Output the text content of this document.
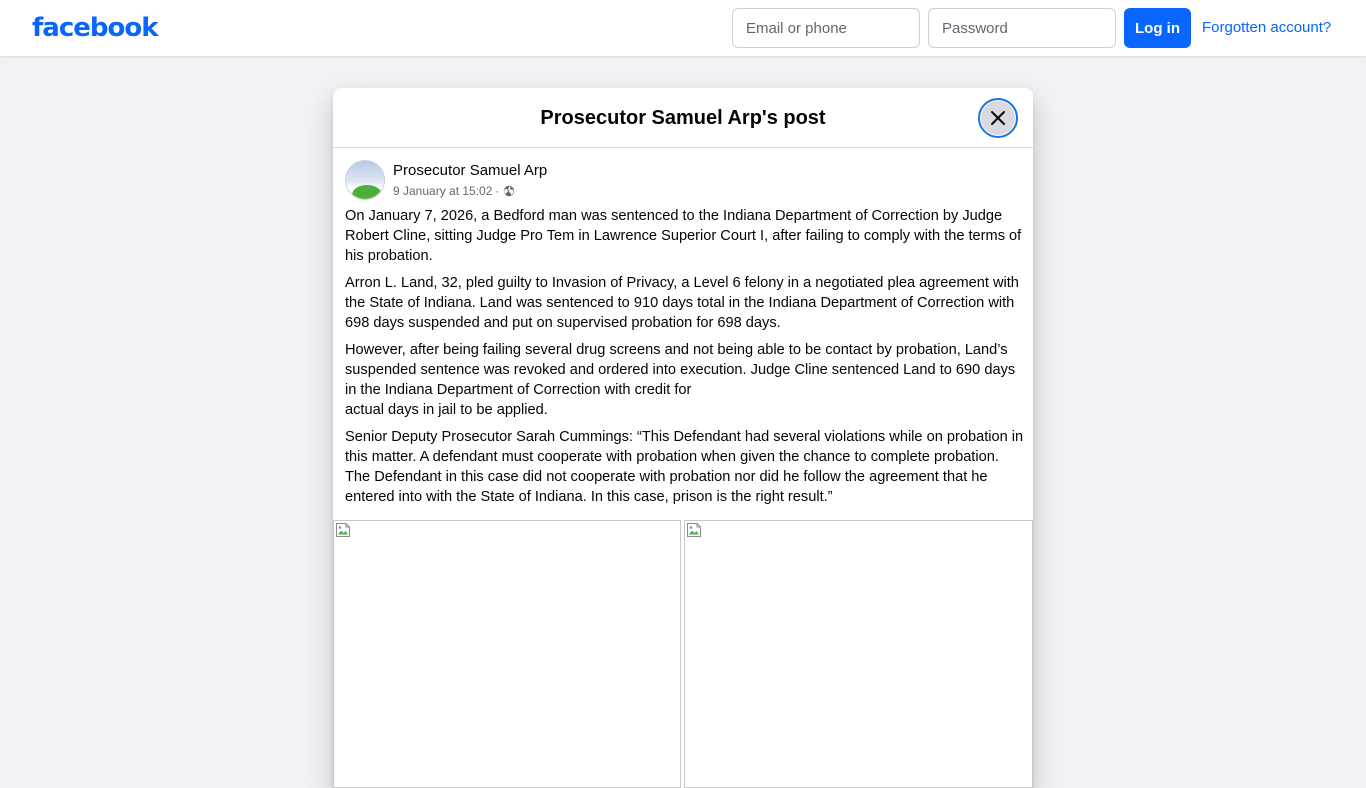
facebook
Email or phone	Log in	Forgotten account?
Prosecutor Samuel Arp's post
Prosecutor Samuel Arp
9 January at 15:02 ·

On January 7, 2026, a Bedford man was sentenced to the Indiana Department of Correction by Judge Robert Cline, sitting Judge Pro Tem in Lawrence Superior Court I, after failing to comply with the terms of his probation.

Arron L. Land, 32, pled guilty to Invasion of Privacy, a Level 6 felony in a negotiated plea agreement with the State of Indiana. Land was sentenced to 910 days total in the Indiana Department of Correction with 698 days suspended and put on supervised probation for 698 days.

However, after being failing several drug screens and not being able to be contact by probation, Land’s suspended sentence was revoked and ordered into execution. Judge Cline sentenced Land to 690 days in the Indiana Department of Correction with credit for
actual days in jail to be applied.

Senior Deputy Prosecutor Sarah Cummings: “This Defendant had several violations while on probation in this matter. A defendant must cooperate with probation when given the chance to complete probation. The Defendant in this case did not cooperate with probation nor did he follow the agreement that he entered into with the State of Indiana. In this case, prison is the right result.”
